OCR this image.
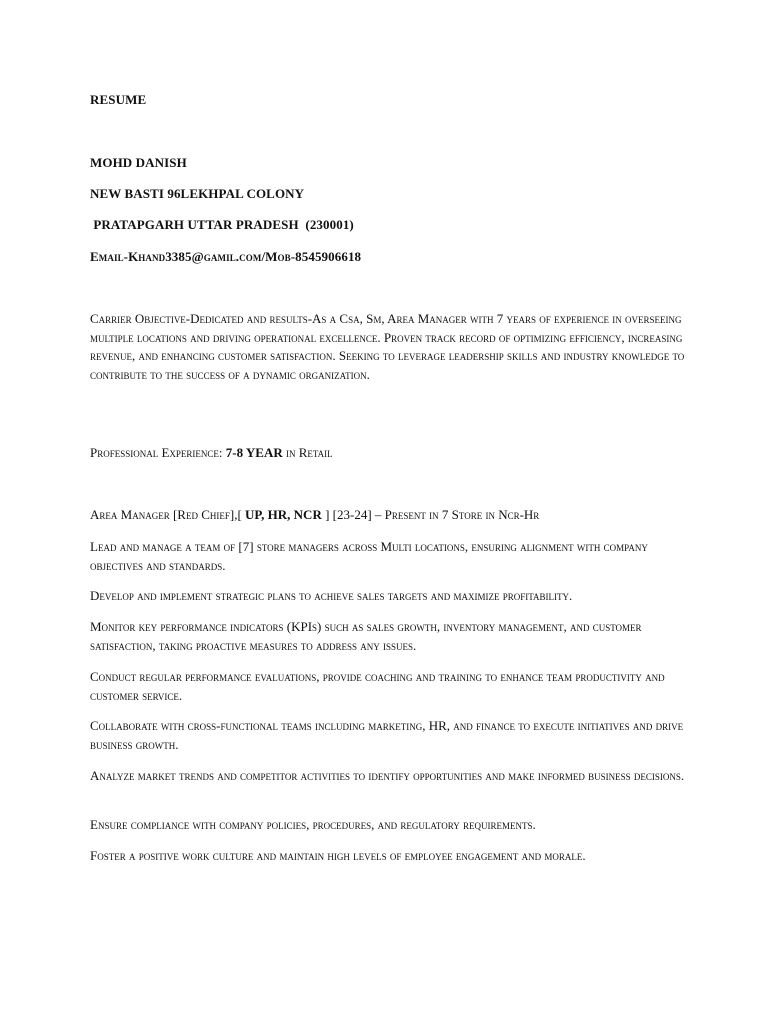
RESUME
MOHD DANISH
NEW BASTI 96LEKHPAL COLONY
PRATAPGARH UTTAR PRADESH  (230001)
Email-Khand3385@gamil.com/Mob-8545906618

Carrier Objective-Dedicated and results-As a Csa, Sm, Area Manager with 7 years of experience in overseeing multiple locations and driving operational excellence. Proven track record of optimizing efficiency, increasing revenue, and enhancing customer satisfaction. Seeking to leverage leadership skills and industry knowledge to contribute to the success of a dynamic organization.

Professional Experience: 7-8 YEAR in Retail
Area Manager [Red Chief],[ UP, HR, NCR ] [23-24] – Present in 7 Store in Ncr-Hr

Lead and manage a team of [7] store managers across Multi locations, ensuring alignment with company objectives and standards.

Develop and implement strategic plans to achieve sales targets and maximize profitability.

Monitor key performance indicators (KPIs) such as sales growth, inventory management, and customer satisfaction, taking proactive measures to address any issues.

Conduct regular performance evaluations, provide coaching and training to enhance team productivity and customer service.

Collaborate with cross-functional teams including marketing, HR, and finance to execute initiatives and drive business growth.

Analyze market trends and competitor activities to identify opportunities and make informed business decisions.

Ensure compliance with company policies, procedures, and regulatory requirements.

Foster a positive work culture and maintain high levels of employee engagement and morale.
